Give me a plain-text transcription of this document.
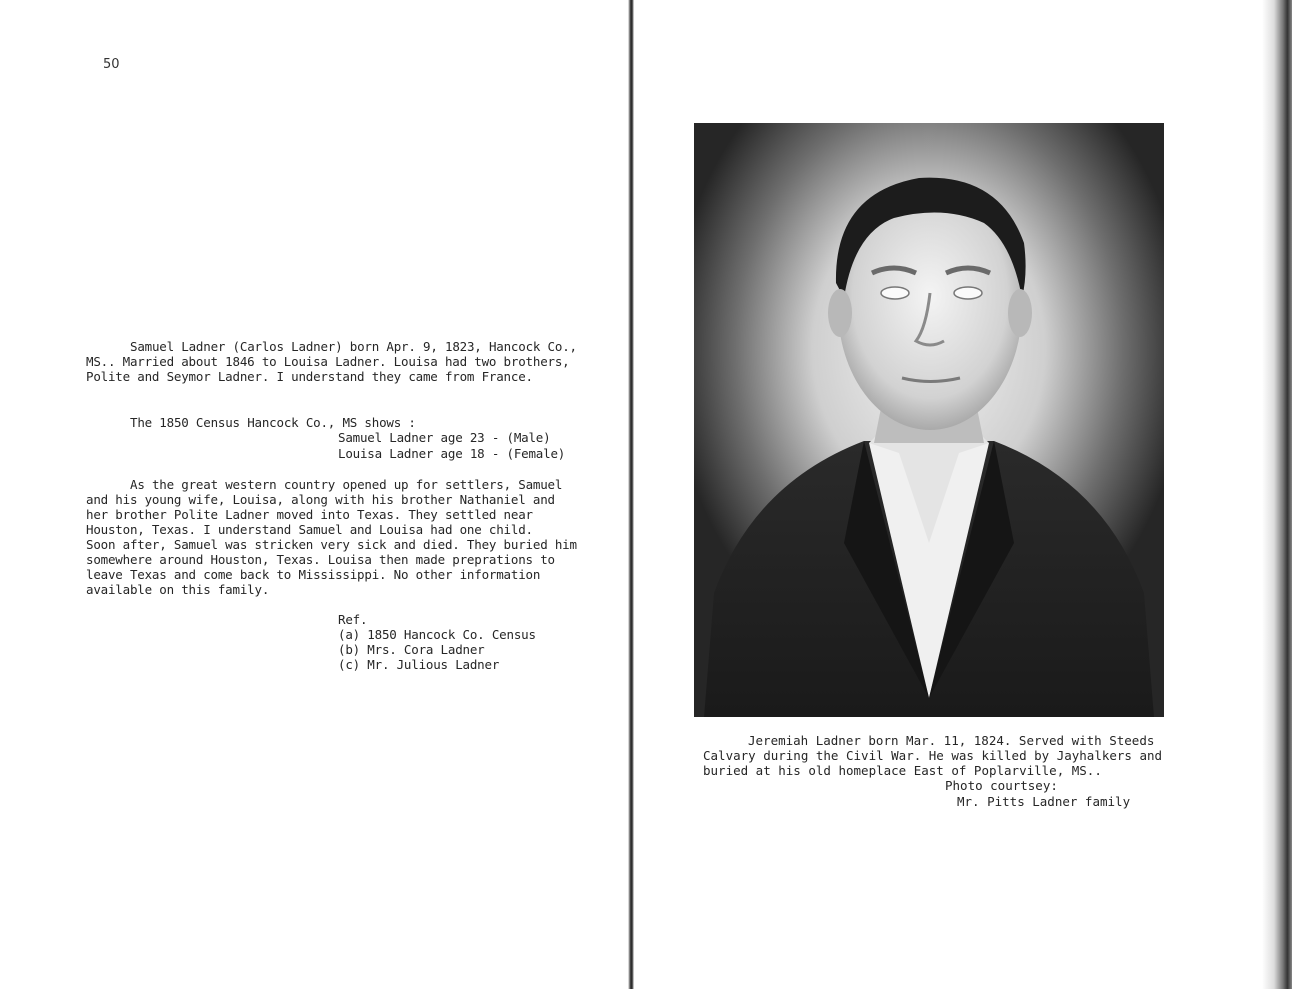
50
Samuel Ladner (Carlos Ladner) born Apr. 9, 1823, Hancock Co.,
MS.. Married about 1846 to Louisa Ladner. Louisa had two brothers,
Polite and Seymor Ladner. I understand they came from France.
The 1850 Census Hancock Co., MS shows :
Samuel Ladner age 23 - (Male)
Louisa Ladner age 18 - (Female)
As the great western country opened up for settlers, Samuel
and his young wife, Louisa, along with his brother Nathaniel and
her brother Polite Ladner moved into Texas. They settled near
Houston, Texas. I understand Samuel and Louisa had one child.
Soon after, Samuel was stricken very sick and died. They buried him
somewhere around Houston, Texas. Louisa then made preprations to
leave Texas and come back to Mississippi. No other information
available on this family.
Ref.
(a) 1850 Hancock Co. Census
(b) Mrs. Cora Ladner
(c) Mr. Julious Ladner
Jeremiah Ladner born Mar. 11, 1824. Served with Steeds
Calvary during the Civil War. He was killed by Jayhalkers and
buried at his old homeplace East of Poplarville, MS..
Photo courtsey:
Mr. Pitts Ladner family
